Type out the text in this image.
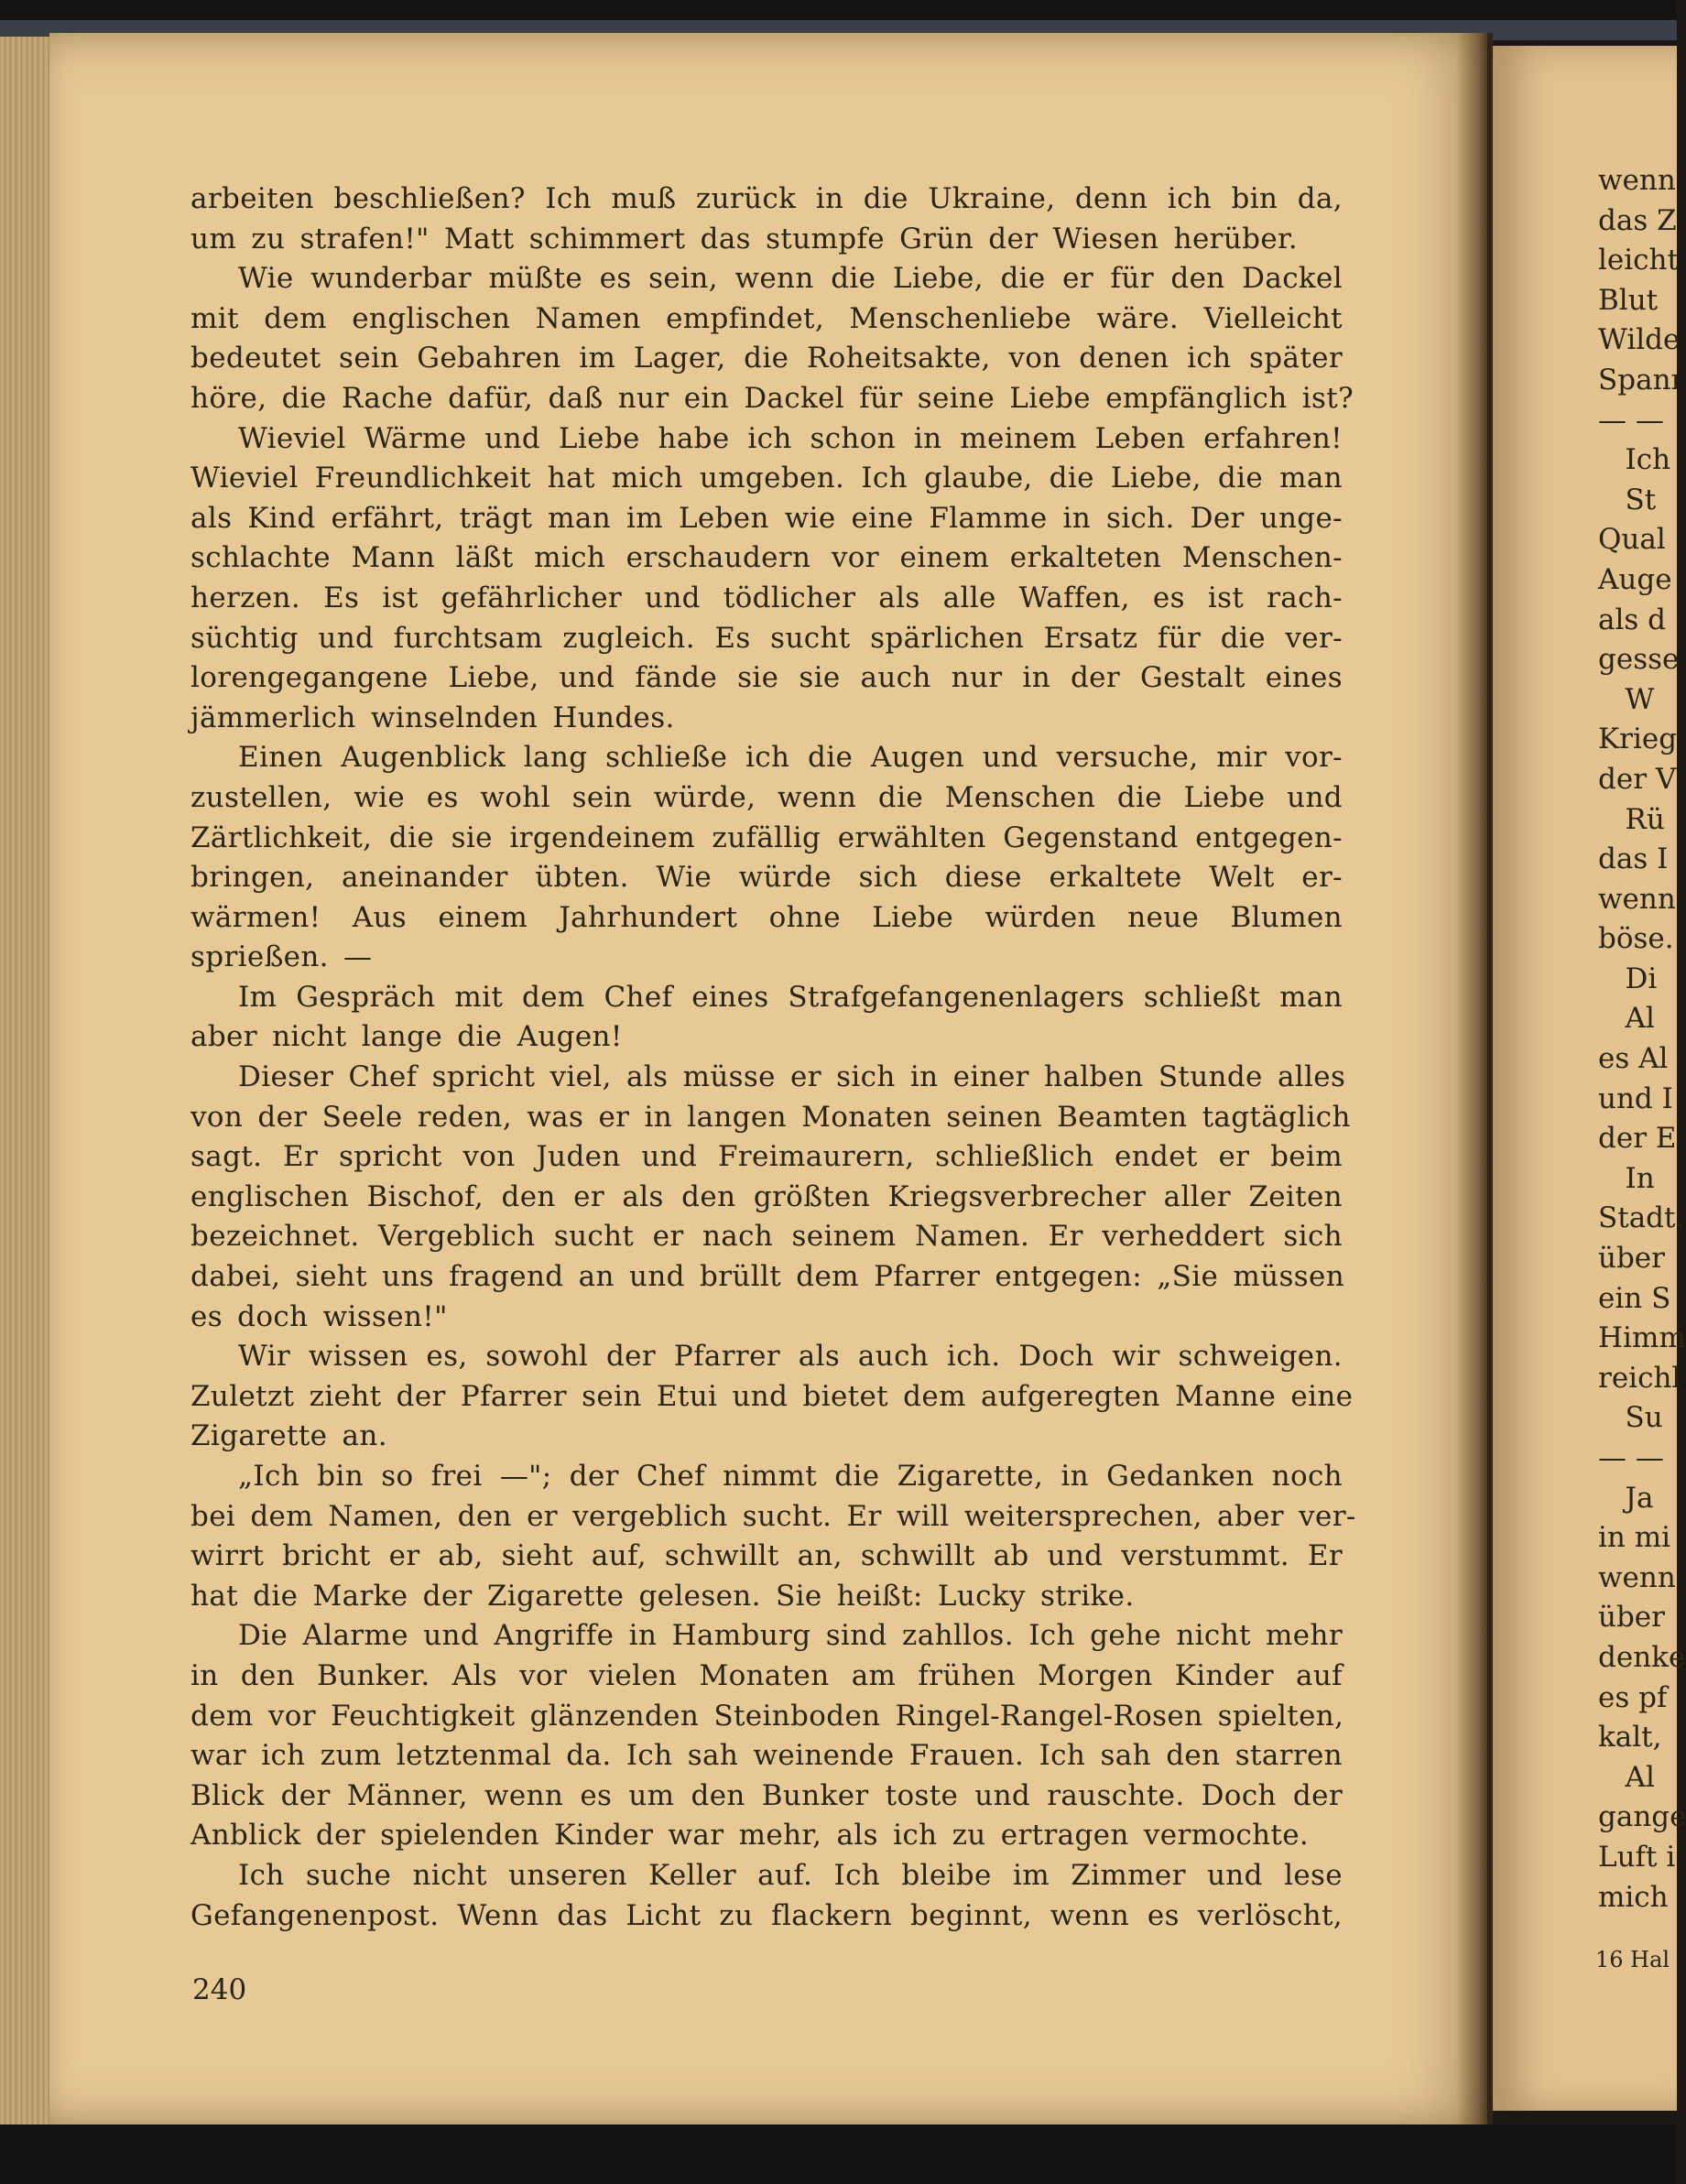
arbeiten beschließen? Ich muß zurück in die Ukraine, denn ich bin da,
um zu strafen!" Matt schimmert das stumpfe Grün der Wiesen herüber.
Wie wunderbar müßte es sein, wenn die Liebe, die er für den Dackel
mit dem englischen Namen empfindet, Menschenliebe wäre. Vielleicht
bedeutet sein Gebahren im Lager, die Roheitsakte, von denen ich später
höre, die Rache dafür, daß nur ein Dackel für seine Liebe empfänglich ist?
Wieviel Wärme und Liebe habe ich schon in meinem Leben erfahren!
Wieviel Freundlichkeit hat mich umgeben. Ich glaube, die Liebe, die man
als Kind erfährt, trägt man im Leben wie eine Flamme in sich. Der unge-
schlachte Mann läßt mich erschaudern vor einem erkalteten Menschen-
herzen. Es ist gefährlicher und tödlicher als alle Waffen, es ist rach-
süchtig und furchtsam zugleich. Es sucht spärlichen Ersatz für die ver-
lorengegangene Liebe, und fände sie sie auch nur in der Gestalt eines
jämmerlich winselnden Hundes.
Einen Augenblick lang schließe ich die Augen und versuche, mir vor-
zustellen, wie es wohl sein würde, wenn die Menschen die Liebe und
Zärtlichkeit, die sie irgendeinem zufällig erwählten Gegenstand entgegen-
bringen, aneinander übten. Wie würde sich diese erkaltete Welt er-
wärmen! Aus einem Jahrhundert ohne Liebe würden neue Blumen
sprießen. —
Im Gespräch mit dem Chef eines Strafgefangenenlagers schließt man
aber nicht lange die Augen!
Dieser Chef spricht viel, als müsse er sich in einer halben Stunde alles
von der Seele reden, was er in langen Monaten seinen Beamten tagtäglich
sagt. Er spricht von Juden und Freimaurern, schließlich endet er beim
englischen Bischof, den er als den größten Kriegsverbrecher aller Zeiten
bezeichnet. Vergeblich sucht er nach seinem Namen. Er verheddert sich
dabei, sieht uns fragend an und brüllt dem Pfarrer entgegen: „Sie müssen
es doch wissen!"
Wir wissen es, sowohl der Pfarrer als auch ich. Doch wir schweigen.
Zuletzt zieht der Pfarrer sein Etui und bietet dem aufgeregten Manne eine
Zigarette an.
„Ich bin so frei —"; der Chef nimmt die Zigarette, in Gedanken noch
bei dem Namen, den er vergeblich sucht. Er will weitersprechen, aber ver-
wirrt bricht er ab, sieht auf, schwillt an, schwillt ab und verstummt. Er
hat die Marke der Zigarette gelesen. Sie heißt: Lucky strike.
Die Alarme und Angriffe in Hamburg sind zahllos. Ich gehe nicht mehr
in den Bunker. Als vor vielen Monaten am frühen Morgen Kinder auf
dem vor Feuchtigkeit glänzenden Steinboden Ringel-Rangel-Rosen spielten,
war ich zum letztenmal da. Ich sah weinende Frauen. Ich sah den starren
Blick der Männer, wenn es um den Bunker toste und rauschte. Doch der
Anblick der spielenden Kinder war mehr, als ich zu ertragen vermochte.
Ich suche nicht unseren Keller auf. Ich bleibe im Zimmer und lese
Gefangenenpost. Wenn das Licht zu flackern beginnt, wenn es verlöscht,
240
wenn
das Z
leicht
Blut
Wilde
Spanı
— —
Ich
St
Qual
Auge
als d
gesse
W
Krieg
der V
Rü
das I
wenn
böse.
Di
Al
es Al
und I
der E
In
Stadt.
über
ein S
Himm
reichl
Su
— —
Ja
in mi
wenn
über
denke
es pf
kalt,
Al
gange
Luft i
mich
16 Hal
